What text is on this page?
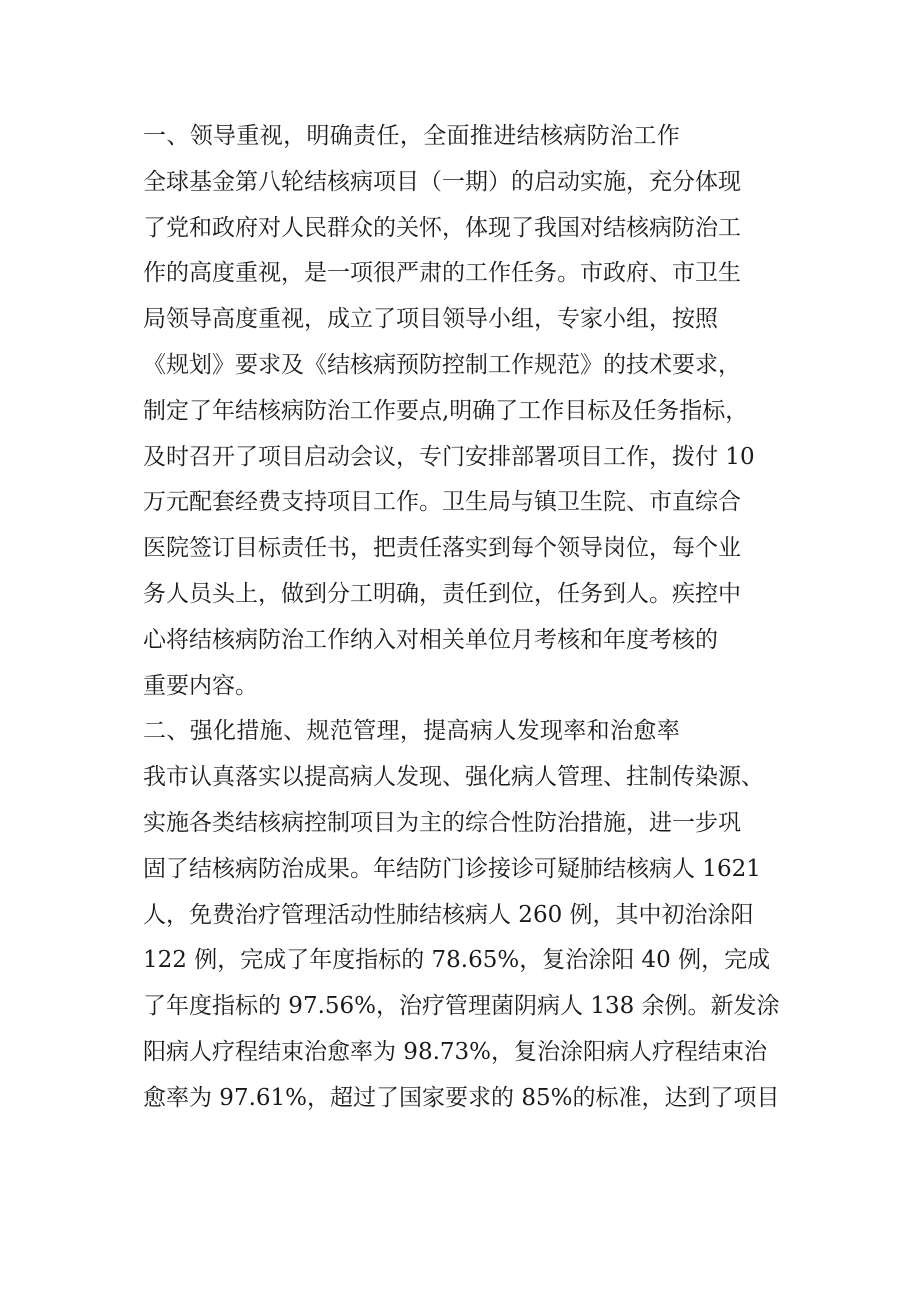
一、领导重视，明确责任，全面推进结核病防治工作

全球基金第八轮结核病项目（一期）的启动实施，充分体现

了党和政府对人民群众的关怀，体现了我国对结核病防治工

作的高度重视，是一项很严肃的工作任务。市政府、市卫生

局领导高度重视，成立了项目领导小组，专家小组，按照

《规划》要求及《结核病预防控制工作规范》的技术要求，

制定了年结核病防治工作要点,明确了工作目标及任务指标，

及时召开了项目启动会议，专门安排部署项目工作，拨付 10

万元配套经费支持项目工作。卫生局与镇卫生院、市直综合

医院签订目标责任书，把责任落实到每个领导岗位，每个业

务人员头上，做到分工明确，责任到位，任务到人。疾控中

心将结核病防治工作纳入对相关单位月考核和年度考核的

重要内容。

二、强化措施、规范管理，提高病人发现率和治愈率

我市认真落实以提高病人发现、强化病人管理、拄制传染源、

实施各类结核病控制项目为主的综合性防治措施，进一步巩

固了结核病防治成果。年结防门诊接诊可疑肺结核病人 1621

人，免费治疗管理活动性肺结核病人 260 例，其中初治涂阳

122 例，完成了年度指标的 78.65%，复治涂阳 40 例，完成

了年度指标的 97.56%，治疗管理菌阴病人 138 余例。新发涂

阳病人疗程结束治愈率为 98.73%，复治涂阳病人疗程结束治

愈率为 97.61%，超过了国家要求的 85%的标准，达到了项目
